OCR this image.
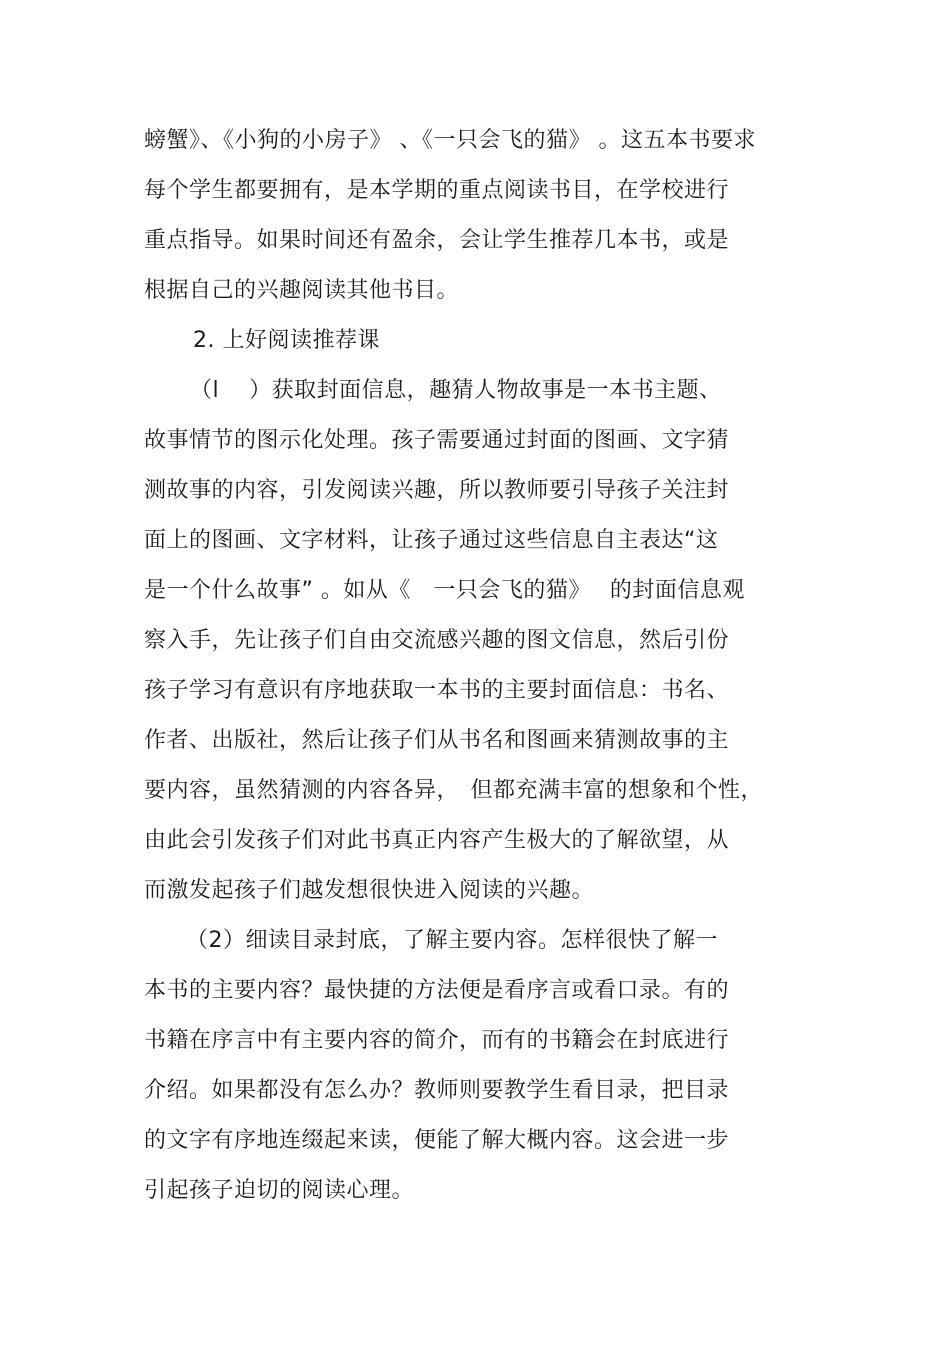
螃蟹》、《小狗的小房子》 、《一只会飞的猫》 。这五本书要求
每个学生都要拥有，是本学期的重点阅读书目，在学校进行
重点指导。如果时间还有盈余，会让学生推荐几本书，或是
根据自己的兴趣阅读其他书目。
2. 上好阅读推荐课
（l　 ）获取封面信息，趣猜人物故事是一本书主题、
故事情节的图示化处理。孩子需要通过封面的图画、文字猜
测故事的内容，引发阅读兴趣，所以教师要引导孩子关注封
面上的图画、文字材料，让孩子通过这些信息自主表达“这
是一个什么故事” 。如从《　一只会飞的猫》　 的封面信息观
察入手，先让孩子们自由交流感兴趣的图文信息，然后引份
孩子学习有意识有序地获取一本书的主要封面信息：书名、
作者、出版社，然后让孩子们从书名和图画来猜测故事的主
要内容，虽然猜测的内容各异，　但都充满丰富的想象和个性，
由此会引发孩子们对此书真正内容产生极大的了解欲望，从
而激发起孩子们越发想很快进入阅读的兴趣。
（2）细读目录封底，了解主要内容。怎样很快了解一
本书的主要内容？最快捷的方法便是看序言或看口录。有的
书籍在序言中有主要内容的简介，而有的书籍会在封底进行
介绍。如果都没有怎么办？教师则要教学生看目录，把目录
的文字有序地连缀起来读，便能了解大概内容。这会进一步
引起孩子迫切的阅读心理。
